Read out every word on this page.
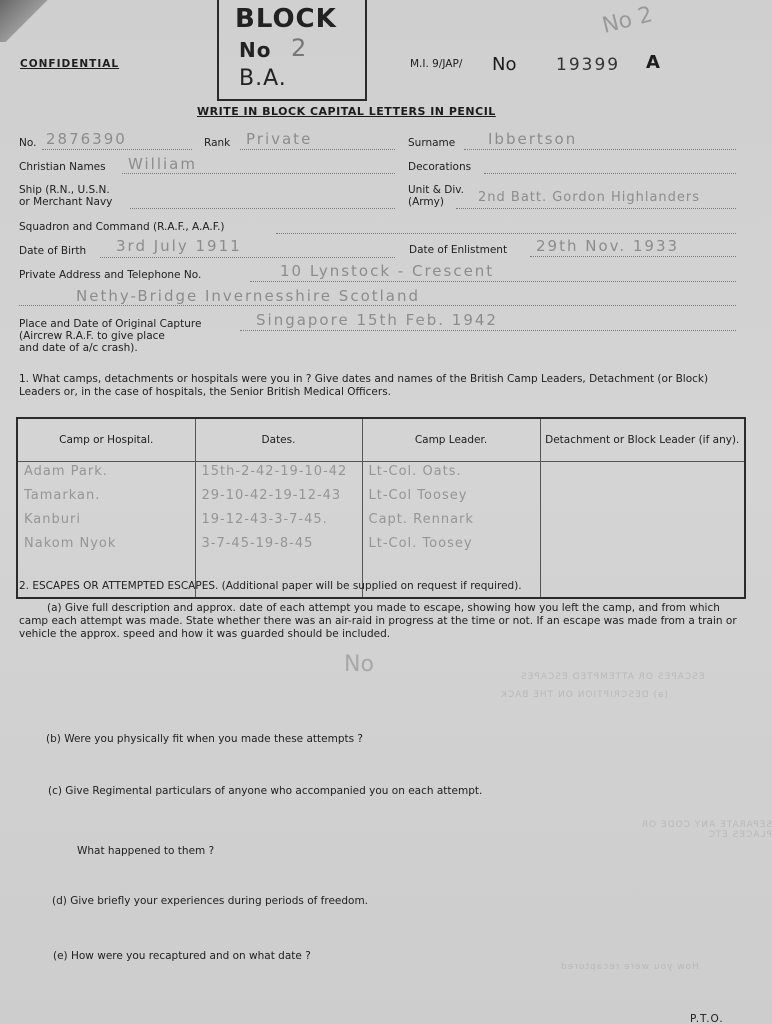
CONFIDENTIAL
BLOCK
No 2
B.A.
No 2
M.I. 9/JAP/ No 19399 A
WRITE IN BLOCK CAPITAL LETTERS IN PENCIL
No. 2876390	Rank Private	Surname Ibbertson
Christian Names William	Decorations
Ship (R.N., U.S.N.
or Merchant Navy
Unit & Div.
(Army)	2nd Batt. Gordon Highlanders
Squadron and Command (R.A.F., A.A.F.)
Date of Birth 3rd July 1911	Date of Enlistment 29th Nov. 1933
Private Address and Telephone No.	10 Lynstock - Crescent
Nethy-Bridge Invernesshire Scotland
Place and Date of Original Capture
(Aircrew R.A.F. to give place
and date of a/c crash).
Singapore 15th Feb. 1942
1. What camps, detachments or hospitals were you in ? Give dates and names of the British Camp Leaders, Detachment (or Block) Leaders or, in the case of hospitals, the Senior British Medical Officers.
Camp or Hospital.	Dates.	Camp Leader.	Detachment or Block Leader (if any).
Adam Park.	15th-2-42-19-10-42	Lt-Col. Oats.	
Tamarkan.	29-10-42-19-12-43	Lt-Col Toosey	
Kanburi	19-12-43-3-7-45.	Capt. Rennark	
Nakom Nyok	3-7-45-19-8-45	Lt-Col. Toosey	

2. ESCAPES OR ATTEMPTED ESCAPES. (Additional paper will be supplied on request if required).
(a) Give full description and approx. date of each attempt you made to escape, showing how you left the camp, and from which camp each attempt was made. State whether there was an air-raid in progress at the time or not. If an escape was made from a train or vehicle the approx. speed and how it was guarded should be included.
No	ESCAPES OR ATTEMPTED ESCAPES
(a) DESCRIPTION ON THE BACK
SEPARATE ANY CODE OR PLACES ETC
How you were recaptured
(b) Were you physically fit when you made these attempts ?
(c) Give Regimental particulars of anyone who accompanied you on each attempt.
What happened to them ?
(d) Give briefly your experiences during periods of freedom.
(e) How were you recaptured and on what date ?
P.T.O.
